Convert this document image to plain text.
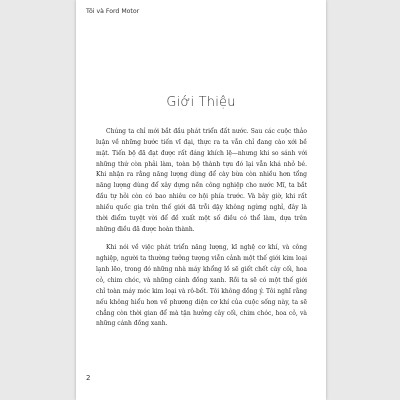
Tôi và Ford Motor

Giới Thiệu

Chúng ta chỉ mới bắt đầu phát triển đất nước. Sau các cuộc thảo luận về những bước tiến vĩ đại, thực ra ta vẫn chỉ đang cào xới bề mặt. Tiến bộ đã đạt được rất đáng khích lệ—nhưng khi so sánh với những thứ còn phải làm, toàn bộ thành tựu đó lại vẫn khá nhỏ bé. Khi nhận ra rằng năng lượng dùng để cày bừa còn nhiều hơn tổng năng lượng dùng để xây dựng nền công nghiệp cho nước Mĩ, ta bắt đầu tự hỏi còn có bao nhiêu cơ hội phía trước. Và bây giờ, khi rất nhiều quốc gia trên thế giới đã trỗi dậy không ngừng nghỉ, đây là thời điểm tuyệt vời để đề xuất một số điều có thể làm, dựa trên những điều đã được hoàn thành.

Khi nói về việc phát triển năng lượng, kĩ nghệ cơ khí, và công nghiệp, người ta thường tưởng tượng viễn cảnh một thế giới kim loại lạnh lẽo, trong đó những nhà máy khổng lồ sẽ giết chết cây cối, hoa cỏ, chim chóc, và những cánh đồng xanh. Rồi ta sẽ có một thế giới chỉ toàn máy móc kim loại và rô-bốt. Tôi không đồng ý. Tôi nghĩ rằng nếu không hiểu hơn về phương diện cơ khí của cuộc sống này, ta sẽ chẳng còn thời gian để mà tận hưởng cây cối, chim chóc, hoa cỏ, và những cánh đồng xanh.

2
